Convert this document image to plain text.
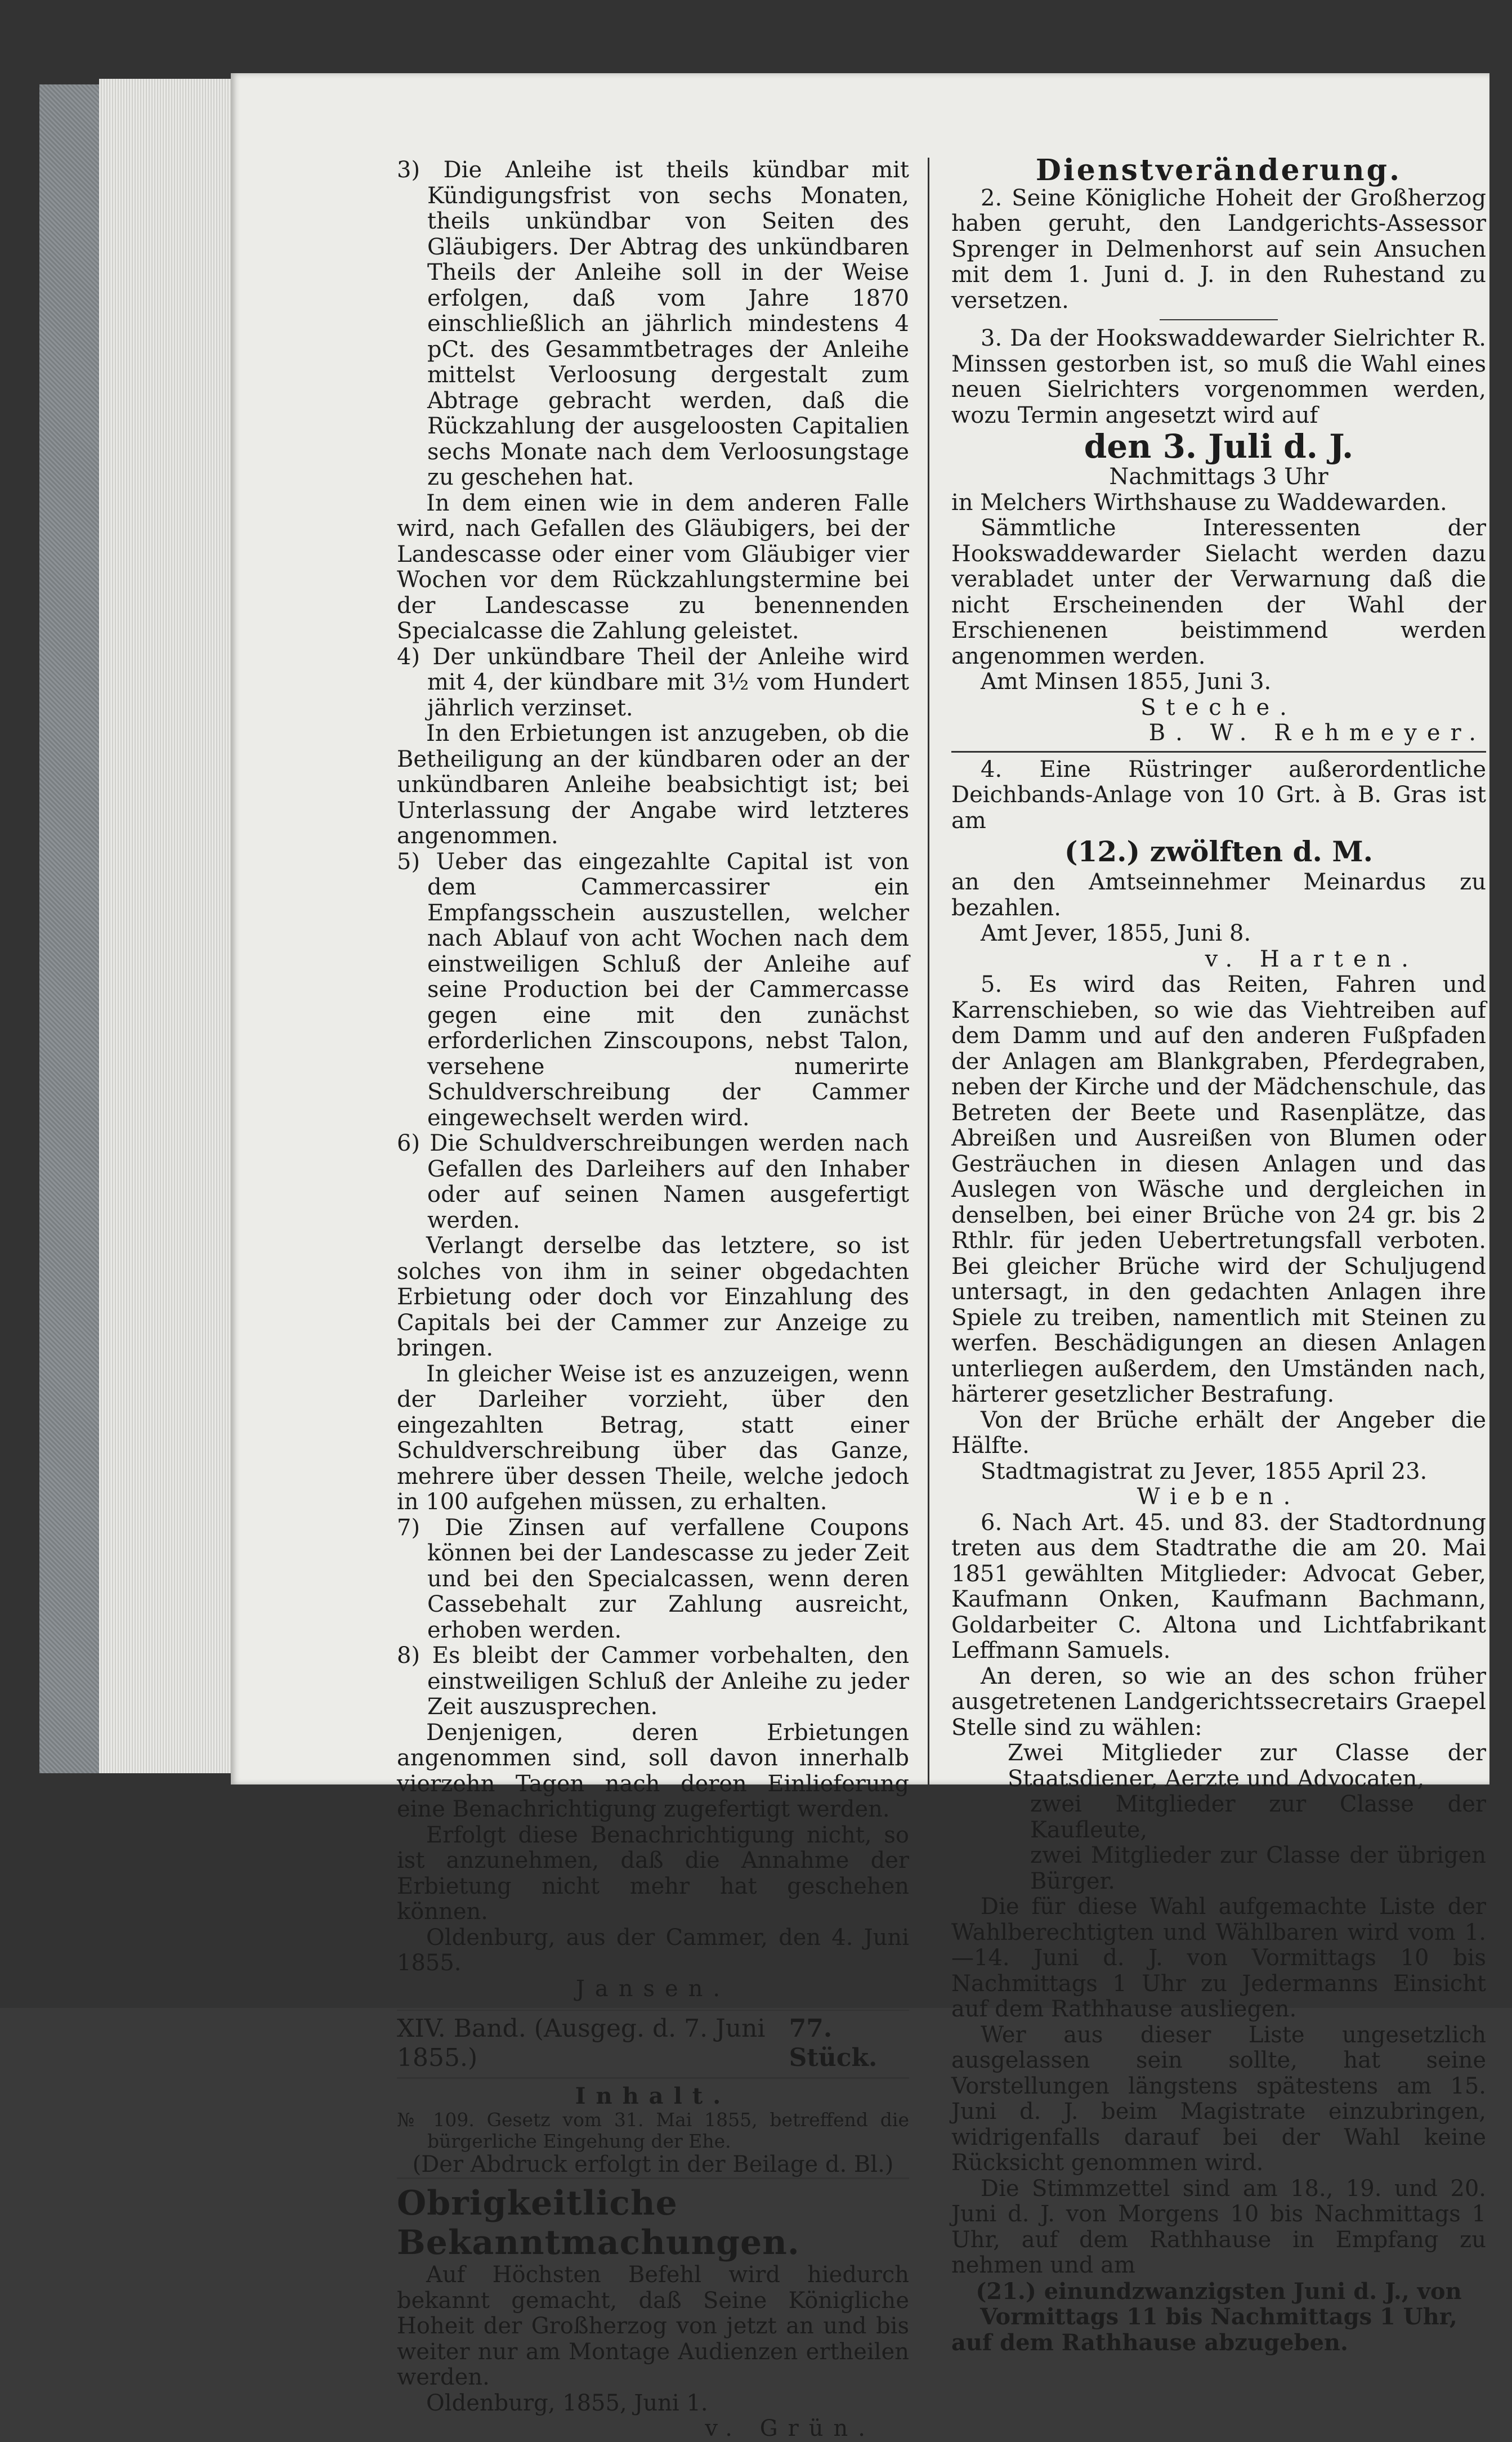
3) Die Anleihe ist theils kündbar mit Kündigungsfrist von sechs Monaten, theils unkündbar von Seiten des Gläubigers. Der Abtrag des unkündbaren Theils der Anleihe soll in der Weise erfolgen, daß vom Jahre 1870 einschließlich an jährlich mindestens 4 pCt. des Gesammtbetrages der Anleihe mittelst Verloosung dergestalt zum Abtrage gebracht werden, daß die Rückzahlung der ausgeloosten Capitalien sechs Monate nach dem Verloosungstage zu geschehen hat.

In dem einen wie in dem anderen Falle wird, nach Gefallen des Gläubigers, bei der Landescasse oder einer vom Gläubiger vier Wochen vor dem Rückzahlungstermine bei der Landescasse zu benennenden Specialcasse die Zahlung geleistet.

4) Der unkündbare Theil der Anleihe wird mit 4, der kündbare mit 3½ vom Hundert jährlich verzinset.

In den Erbietungen ist anzugeben, ob die Betheiligung an der kündbaren oder an der unkündbaren Anleihe beabsichtigt ist; bei Unterlassung der Angabe wird letzteres angenommen.

5) Ueber das eingezahlte Capital ist von dem Cammercassirer ein Empfangsschein auszustellen, welcher nach Ablauf von acht Wochen nach dem einstweiligen Schluß der Anleihe auf seine Production bei der Cammercasse gegen eine mit den zunächst erforderlichen Zinscoupons, nebst Talon, versehene numerirte Schuldverschreibung der Cammer eingewechselt werden wird.

6) Die Schuldverschreibungen werden nach Gefallen des Darleihers auf den Inhaber oder auf seinen Namen ausgefertigt werden.

Verlangt derselbe das letztere, so ist solches von ihm in seiner obgedachten Erbietung oder doch vor Einzahlung des Capitals bei der Cammer zur Anzeige zu bringen.

In gleicher Weise ist es anzuzeigen, wenn der Darleiher vorzieht, über den eingezahlten Betrag, statt einer Schuldverschreibung über das Ganze, mehrere über dessen Theile, welche jedoch in 100 aufgehen müssen, zu erhalten.

7) Die Zinsen auf verfallene Coupons können bei der Landescasse zu jeder Zeit und bei den Specialcassen, wenn deren Cassebehalt zur Zahlung ausreicht, erhoben werden.

8) Es bleibt der Cammer vorbehalten, den einstweiligen Schluß der Anleihe zu jeder Zeit auszusprechen.

Denjenigen, deren Erbietungen angenommen sind, soll davon innerhalb vierzehn Tagen nach deren Einlieferung eine Benachrichtigung zugefertigt werden.

Erfolgt diese Benachrichtigung nicht, so ist anzunehmen, daß die Annahme der Erbietung nicht mehr hat geschehen können.

Oldenburg, aus der Cammer, den 4. Juni 1855.

Jansen.

XIV. Band. (Ausgeg. d. 7. Juni 1855.)
77. Stück.

Inhalt.

№ 109. Gesetz vom 31. Mai 1855, betreffend die bürgerliche Eingehung der Ehe.

(Der Abdruck erfolgt in der Beilage d. Bl.)

Obrigkeitliche Bekanntmachungen.

Auf Höchsten Befehl wird hiedurch bekannt gemacht, daß Seine Königliche Hoheit der Großherzog von jetzt an und bis weiter nur am Montage Audienzen ertheilen werden.

Oldenburg, 1855, Juni 1.

v. Grün.

Dienstveränderung.

2. Seine Königliche Hoheit der Großherzog haben geruht, den Landgerichts-Assessor Sprenger in Delmenhorst auf sein Ansuchen mit dem 1. Juni d. J. in den Ruhestand zu versetzen.

3. Da der Hookswaddewarder Sielrichter R. Minssen gestorben ist, so muß die Wahl eines neuen Sielrichters vorgenommen werden, wozu Termin angesetzt wird auf

den 3. Juli d. J.

Nachmittags 3 Uhr

in Melchers Wirthshause zu Waddewarden.

Sämmtliche Interessenten der Hookswaddewarder Sielacht werden dazu verabladet unter der Verwarnung daß die nicht Erscheinenden der Wahl der Erschienenen beistimmend werden angenommen werden.

Amt Minsen 1855, Juni 3.

Steche.

B. W. Rehmeyer.

4. Eine Rüstringer außerordentliche Deichbands-Anlage von 10 Grt. à B. Gras ist am

(12.) zwölften d. M.

an den Amtseinnehmer Meinardus zu bezahlen.

Amt Jever, 1855, Juni 8.

v. Harten.

5. Es wird das Reiten, Fahren und Karrenschieben, so wie das Viehtreiben auf dem Damm und auf den anderen Fußpfaden der Anlagen am Blankgraben, Pferdegraben, neben der Kirche und der Mädchenschule, das Betreten der Beete und Rasenplätze, das Abreißen und Ausreißen von Blumen oder Gesträuchen in diesen Anlagen und das Auslegen von Wäsche und dergleichen in denselben, bei einer Brüche von 24 gr. bis 2 Rthlr. für jeden Uebertretungsfall verboten. Bei gleicher Brüche wird der Schuljugend untersagt, in den gedachten Anlagen ihre Spiele zu treiben, namentlich mit Steinen zu werfen. Beschädigungen an diesen Anlagen unterliegen außerdem, den Umständen nach, härterer gesetzlicher Bestrafung.

Von der Brüche erhält der Angeber die Hälfte.

Stadtmagistrat zu Jever, 1855 April 23.

Wieben.

6. Nach Art. 45. und 83. der Stadtordnung treten aus dem Stadtrathe die am 20. Mai 1851 gewählten Mitglieder: Advocat Geber, Kaufmann Onken, Kaufmann Bachmann, Goldarbeiter C. Altona und Lichtfabrikant Leffmann Samuels.

An deren, so wie an des schon früher ausgetretenen Landgerichtssecretairs Graepel Stelle sind zu wählen:

Zwei Mitglieder zur Classe der Staatsdiener, Aerzte und Advocaten,

zwei Mitglieder zur Classe der Kaufleute,

zwei Mitglieder zur Classe der übrigen Bürger.

Die für diese Wahl aufgemachte Liste der Wahlberechtigten und Wählbaren wird vom 1.—14. Juni d. J. von Vormittags 10 bis Nachmittags 1 Uhr zu Jedermanns Einsicht auf dem Rathhause ausliegen.

Wer aus dieser Liste ungesetzlich ausgelassen sein sollte, hat seine Vorstellungen längstens spätestens am 15. Juni d. J. beim Magistrate einzubringen, widrigenfalls darauf bei der Wahl keine Rücksicht genommen wird.

Die Stimmzettel sind am 18., 19. und 20. Juni d. J. von Morgens 10 bis Nachmittags 1 Uhr, auf dem Rathhause in Empfang zu nehmen und am

(21.) einundzwanzigsten Juni d. J., von Vormittags 11 bis Nachmittags 1 Uhr,

auf dem Rathhause abzugeben.
